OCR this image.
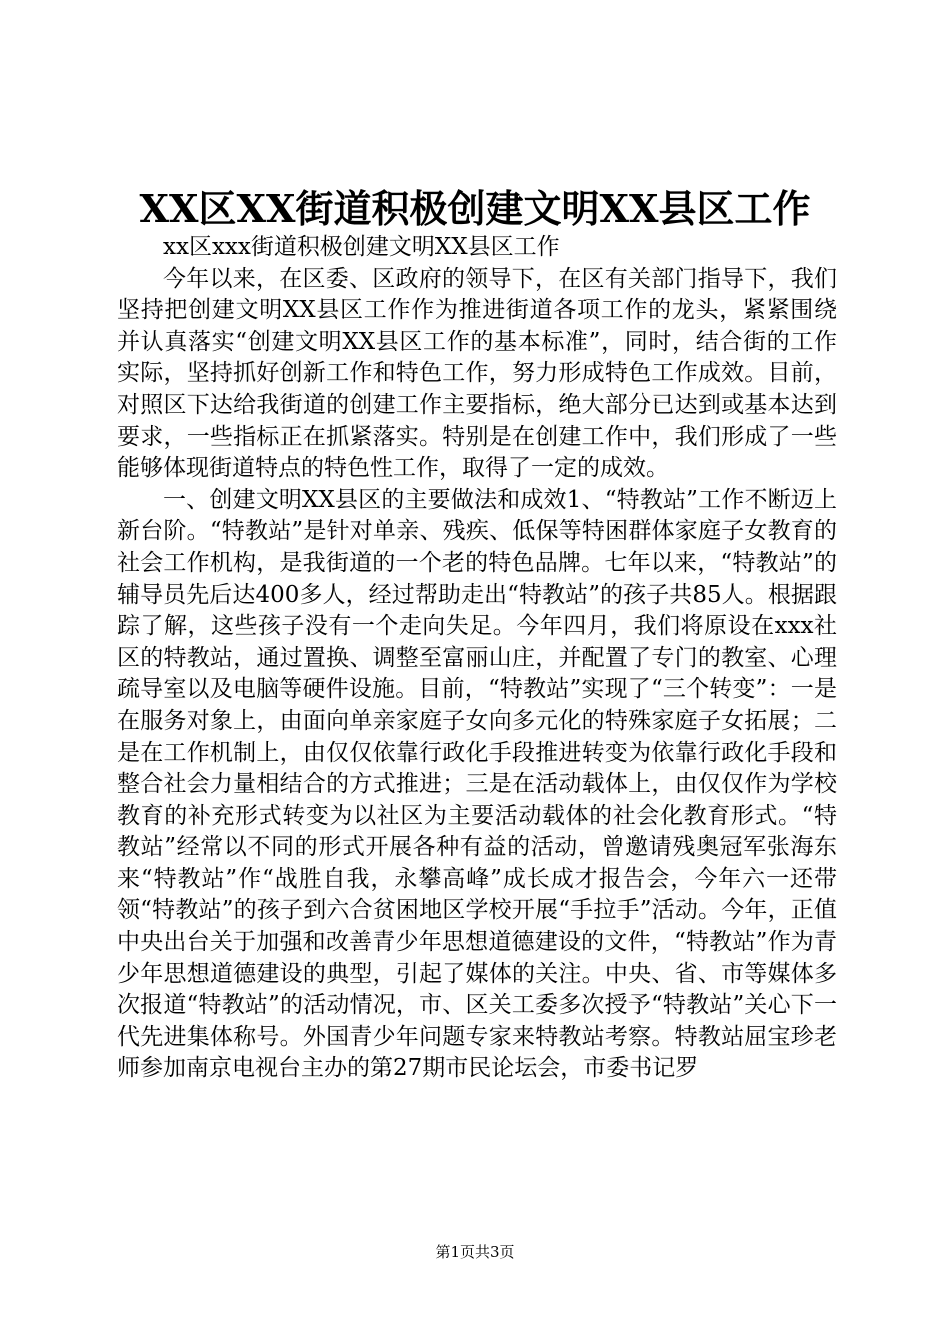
XX区XX街道积极创建文明XX县区工作

xx区xxx街道积极创建文明XX县区工作

今年以来，在区委、区政府的领导下，在区有关部门指导下，我们坚持把创建文明XX县区工作作为推进街道各项工作的龙头，紧紧围绕并认真落实“创建文明XX县区工作的基本标准”，同时，结合街的工作实际，坚持抓好创新工作和特色工作，努力形成特色工作成效。目前，对照区下达给我街道的创建工作主要指标，绝大部分已达到或基本达到要求，一些指标正在抓紧落实。特别是在创建工作中，我们形成了一些能够体现街道特点的特色性工作，取得了一定的成效。

一、创建文明XX县区的主要做法和成效1、“特教站”工作不断迈上新台阶。“特教站”是针对单亲、残疾、低保等特困群体家庭子女教育的社会工作机构，是我街道的一个老的特色品牌。七年以来，“特教站”的辅导员先后达400多人，经过帮助走出“特教站”的孩子共85人。根据跟踪了解，这些孩子没有一个走向失足。今年四月，我们将原设在xxx社区的特教站，通过置换、调整至富丽山庄，并配置了专门的教室、心理疏导室以及电脑等硬件设施。目前，“特教站”实现了“三个转变”：一是在服务对象上，由面向单亲家庭子女向多元化的特殊家庭子女拓展；二是在工作机制上，由仅仅依靠行政化手段推进转变为依靠行政化手段和整合社会力量相结合的方式推进；三是在活动载体上，由仅仅作为学校教育的补充形式转变为以社区为主要活动载体的社会化教育形式。“特教站”经常以不同的形式开展各种有益的活动，曾邀请残奥冠军张海东来“特教站”作“战胜自我，永攀高峰”成长成才报告会，今年六一还带领“特教站”的孩子到六合贫困地区学校开展“手拉手”活动。今年，正值中央出台关于加强和改善青少年思想道德建设的文件，“特教站”作为青少年思想道德建设的典型，引起了媒体的关注。中央、省、市等媒体多次报道“特教站”的活动情况，市、区关工委多次授予“特教站”关心下一代先进集体称号。外国青少年问题专家来特教站考察。特教站屈宝珍老师参加南京电视台主办的第27期市民论坛会，市委书记罗

第1页共3页
